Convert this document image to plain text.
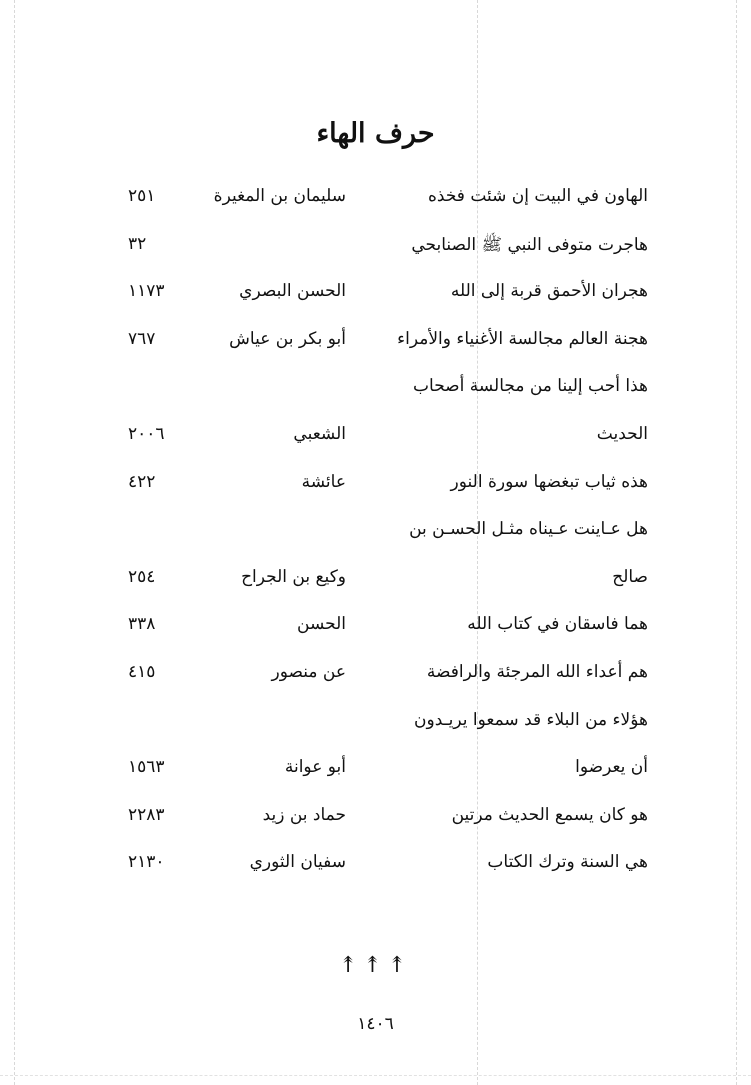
حرف الهاء
الهاون في البيت إن شئت فخذه
سليمان بن المغيرة
٢٥١
هاجرت متوفى النبي ﷺ الصنابحي
٣٢
هجران الأحمق قربة إلى الله
الحسن البصري
١١٧٣
هجنة العالم مجالسة الأغنياء والأمراء
أبو بكر بن عياش
٧٦٧
هذا أحب إلينا من مجالسة أصحاب
الحديث
الشعبي
٢٠٠٦
هذه ثياب تبغضها سورة النور
عائشة
٤٢٢
هل عـاينت عـيناه مثـل الحسـن بن
صالح
وكيع بن الجراح
٢٥٤
هما فاسقان في كتاب الله
الحسن
٣٣٨
هم أعداء الله المرجئة والرافضة
عن منصور
٤١٥
هؤلاء من البلاء قد سمعوا يريـدون
أن يعرضوا
أبو عوانة
١٥٦٣
هو كان يسمع الحديث مرتين
حماد بن زيد
٢٢٨٣
هي السنة وترك الكتاب
سفيان الثوري
٢١٣٠
↟↟↟
١٤٠٦
